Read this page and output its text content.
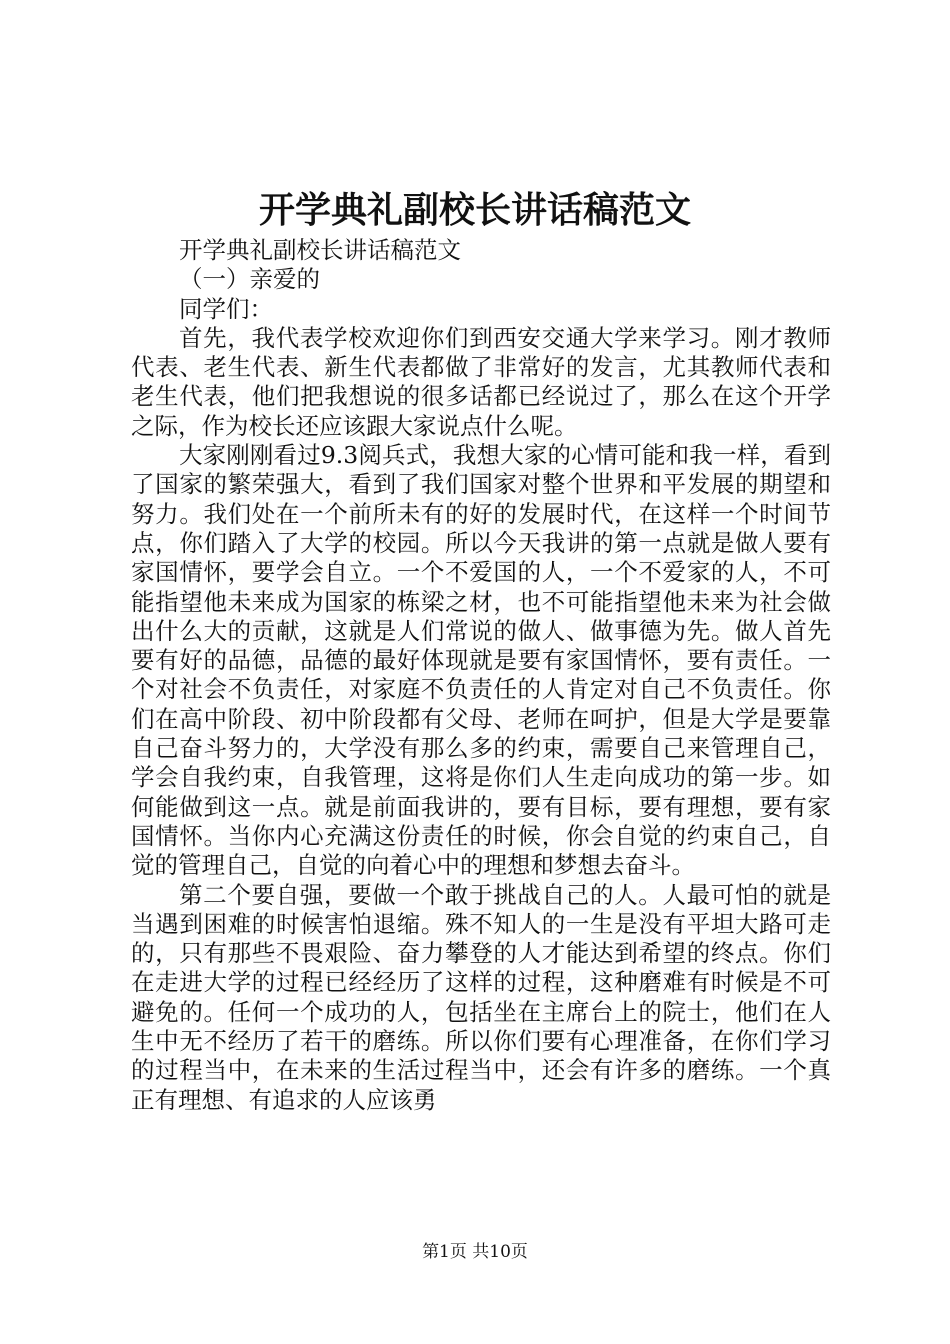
开学典礼副校长讲话稿范文
开学典礼副校长讲话稿范文
（一）亲爱的
同学们：

首先，我代表学校欢迎你们到西安交通大学来学习。刚才教师代表、老生代表、新生代表都做了非常好的发言，尤其教师代表和老生代表，他们把我想说的很多话都已经说过了，那么在这个开学之际，作为校长还应该跟大家说点什么呢。

大家刚刚看过9.3阅兵式，我想大家的心情可能和我一样，看到了国家的繁荣强大，看到了我们国家对整个世界和平发展的期望和努力。我们处在一个前所未有的好的发展时代，在这样一个时间节点，你们踏入了大学的校园。所以今天我讲的第一点就是做人要有家国情怀，要学会自立。一个不爱国的人，一个不爱家的人，不可能指望他未来成为国家的栋梁之材，也不可能指望他未来为社会做出什么大的贡献，这就是人们常说的做人、做事德为先。做人首先要有好的品德，品德的最好体现就是要有家国情怀，要有责任。一个对社会不负责任，对家庭不负责任的人肯定对自己不负责任。你们在高中阶段、初中阶段都有父母、老师在呵护，但是大学是要靠自己奋斗努力的，大学没有那么多的约束，需要自己来管理自己，学会自我约束，自我管理，这将是你们人生走向成功的第一步。如何能做到这一点。就是前面我讲的，要有目标，要有理想，要有家国情怀。当你内心充满这份责任的时候，你会自觉的约束自己，自觉的管理自己，自觉的向着心中的理想和梦想去奋斗。

第二个要自强，要做一个敢于挑战自己的人。人最可怕的就是当遇到困难的时候害怕退缩。殊不知人的一生是没有平坦大路可走的，只有那些不畏艰险、奋力攀登的人才能达到希望的终点。你们在走进大学的过程已经经历了这样的过程，这种磨难有时候是不可避免的。任何一个成功的人，包括坐在主席台上的院士，他们在人生中无不经历了若干的磨练。所以你们要有心理准备，在你们学习的过程当中，在未来的生活过程当中，还会有许多的磨练。一个真正有理想、有追求的人应该勇

第1页 共10页
